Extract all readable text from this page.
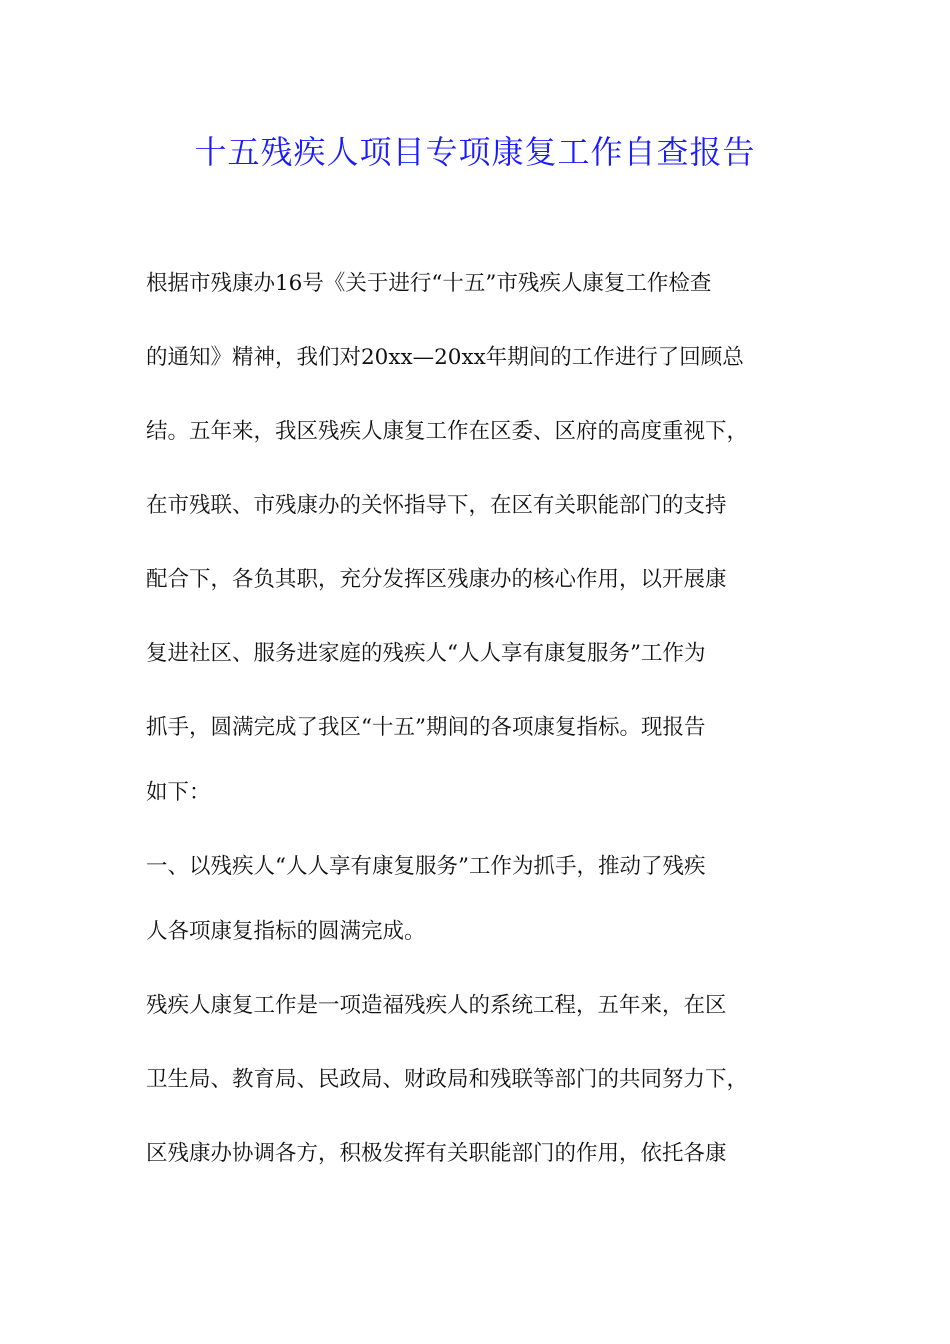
十五残疾人项目专项康复工作自查报告

根据市残康办16号《关于进行“十五”市残疾人康复工作检查

的通知》精神，我们对20xx—20xx年期间的工作进行了回顾总

结。五年来，我区残疾人康复工作在区委、区府的高度重视下，

在市残联、市残康办的关怀指导下，在区有关职能部门的支持

配合下，各负其职，充分发挥区残康办的核心作用，以开展康

复进社区、服务进家庭的残疾人“人人享有康复服务”工作为

抓手，圆满完成了我区“十五”期间的各项康复指标。现报告

如下：

一、以残疾人“人人享有康复服务”工作为抓手，推动了残疾

人各项康复指标的圆满完成。

残疾人康复工作是一项造福残疾人的系统工程，五年来，在区

卫生局、教育局、民政局、财政局和残联等部门的共同努力下，

区残康办协调各方，积极发挥有关职能部门的作用，依托各康
